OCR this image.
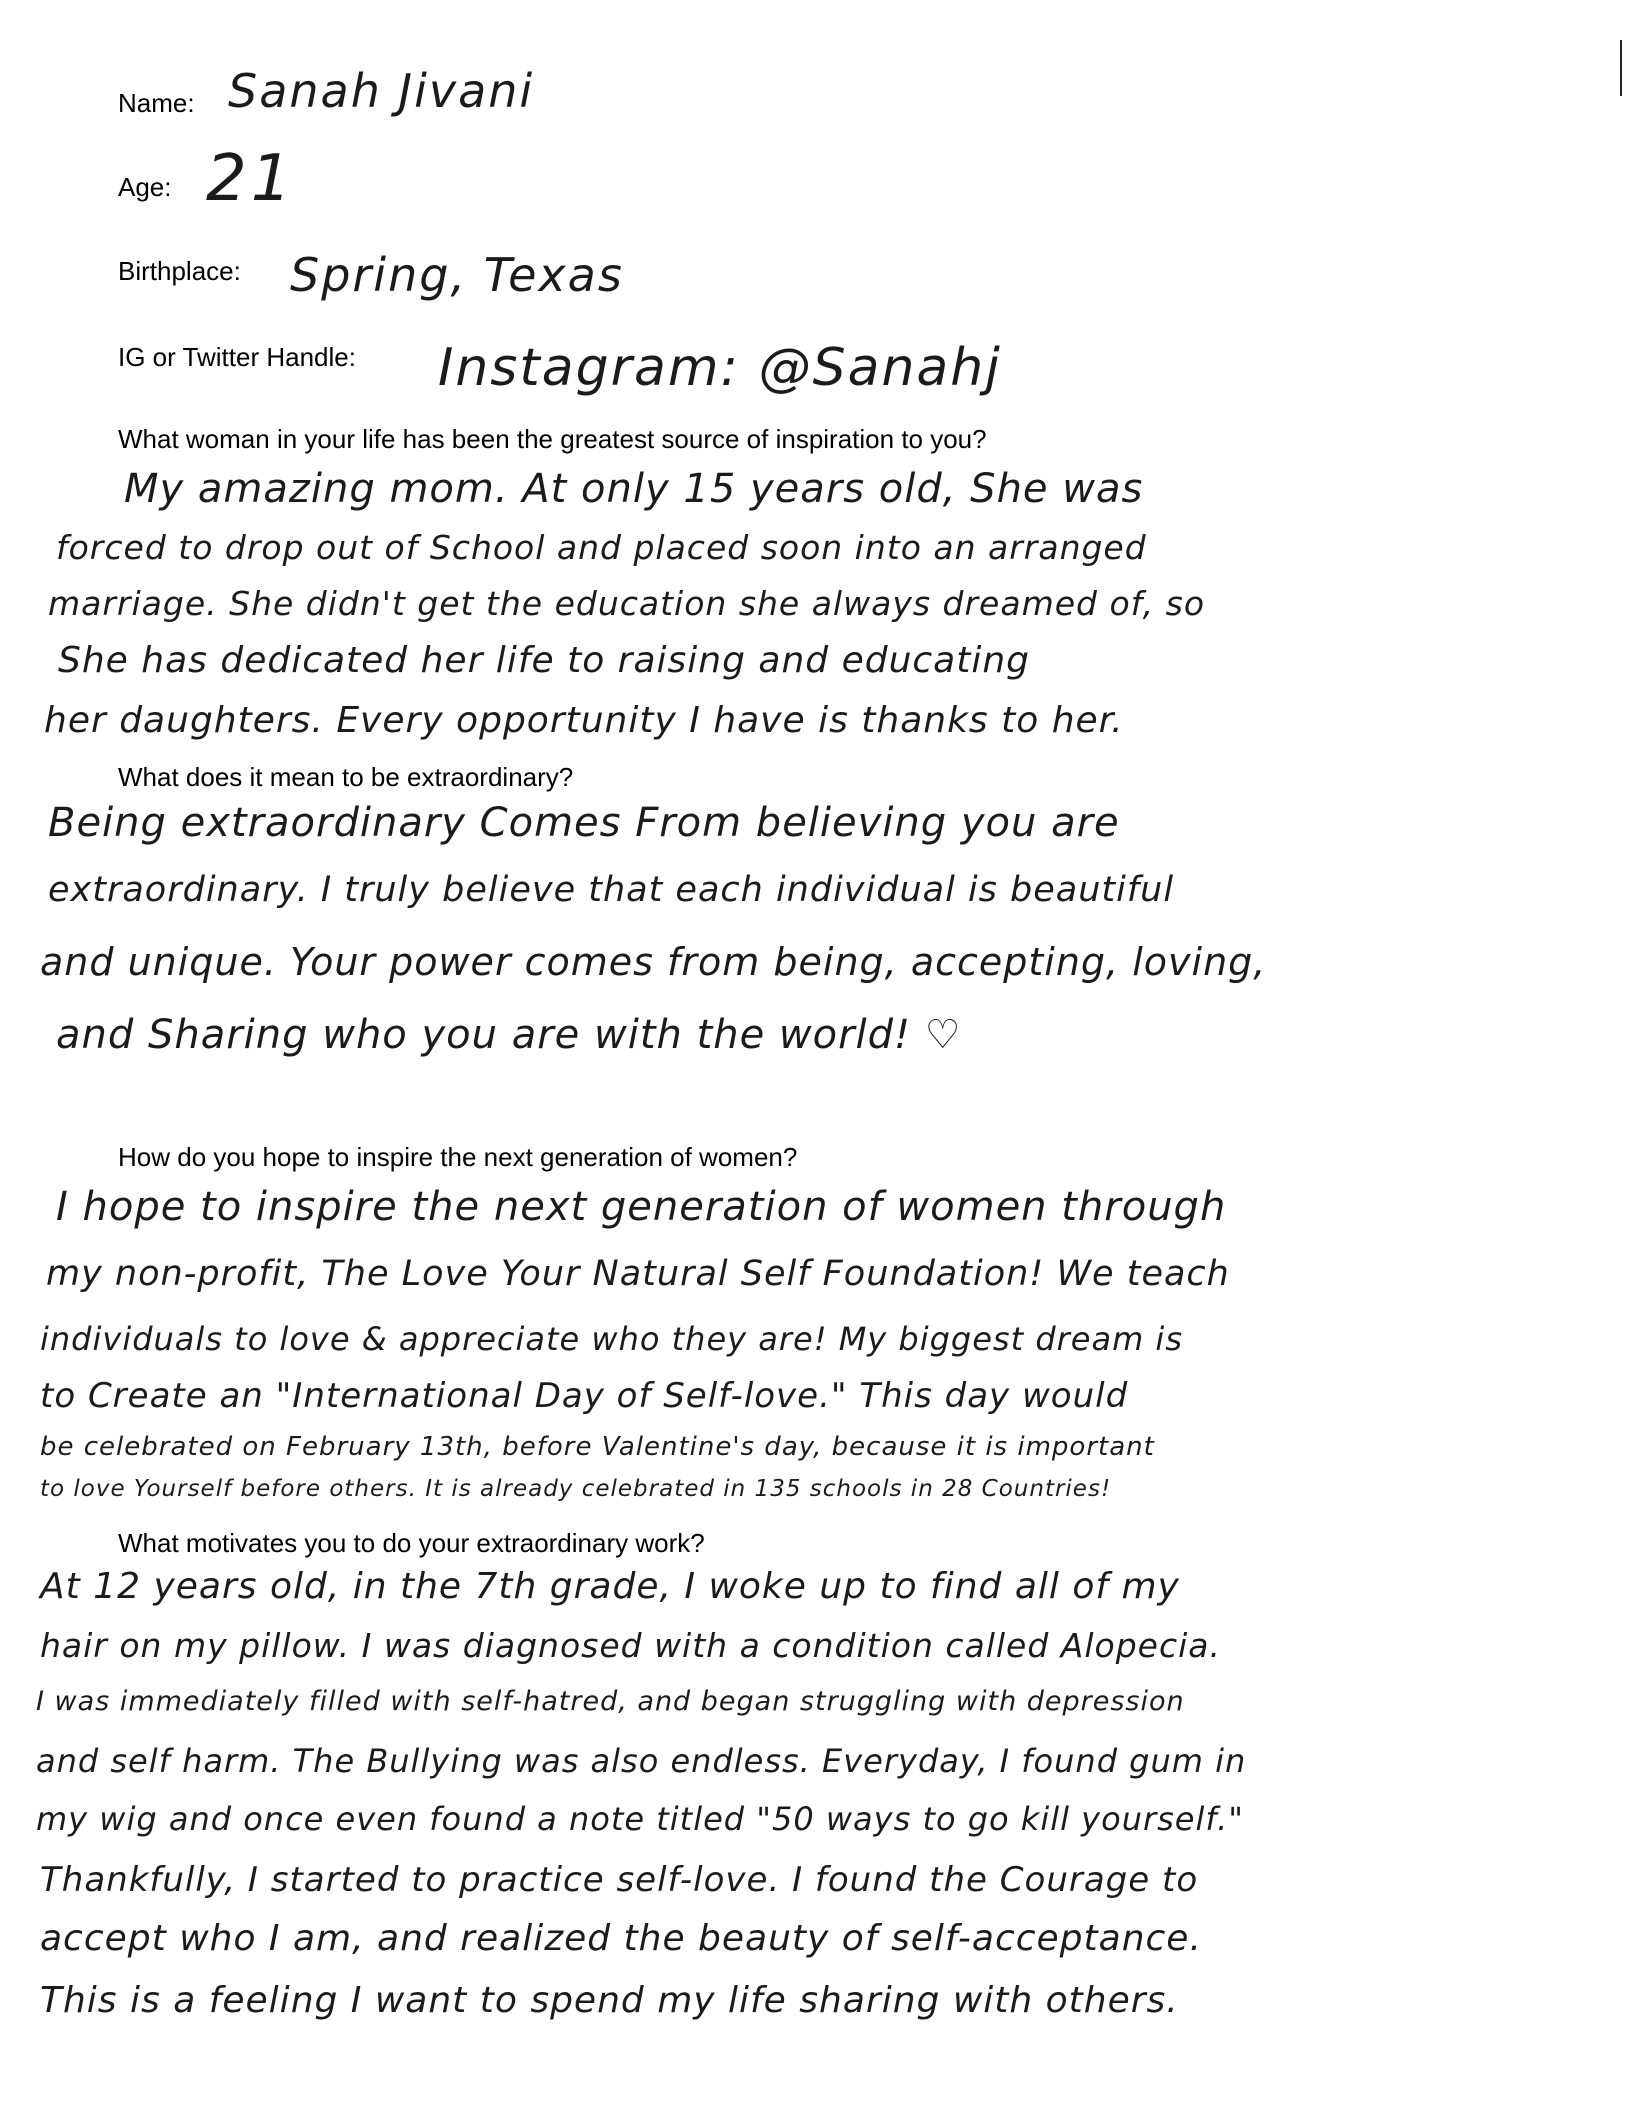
Name: Sanah Jivani
Age: 21
Birthplace: Spring, Texas
IG or Twitter Handle: Instagram: @Sanahj
What woman in your life has been the greatest source of inspiration to you?
My amazing mom. At only 15 years old, She was
forced to drop out of School and placed soon into an arranged
marriage. She didn't get the education she always dreamed of, so
She has dedicated her life to raising and educating
her daughters. Every opportunity I have is thanks to her.
What does it mean to be extraordinary?
Being extraordinary Comes From believing you are
extraordinary. I truly believe that each individual is beautiful
and unique. Your power comes from being, accepting, loving,
and Sharing who you are with the world! ♡
How do you hope to inspire the next generation of women?
I hope to inspire the next generation of women through
my non-profit, The Love Your Natural Self Foundation! We teach
individuals to love & appreciate who they are! My biggest dream is
to Create an "International Day of Self-love." This day would
be celebrated on February 13th, before Valentine's day, because it is important
to love Yourself before others. It is already celebrated in 135 schools in 28 Countries!
What motivates you to do your extraordinary work?
At 12 years old, in the 7th grade, I woke up to find all of my
hair on my pillow. I was diagnosed with a condition called Alopecia.
I was immediately filled with self-hatred, and began struggling with depression
and self harm. The Bullying was also endless. Everyday, I found gum in
my wig and once even found a note titled "50 ways to go kill yourself."
Thankfully, I started to practice self-love. I found the Courage to
accept who I am, and realized the beauty of self-acceptance.
This is a feeling I want to spend my life sharing with others.
